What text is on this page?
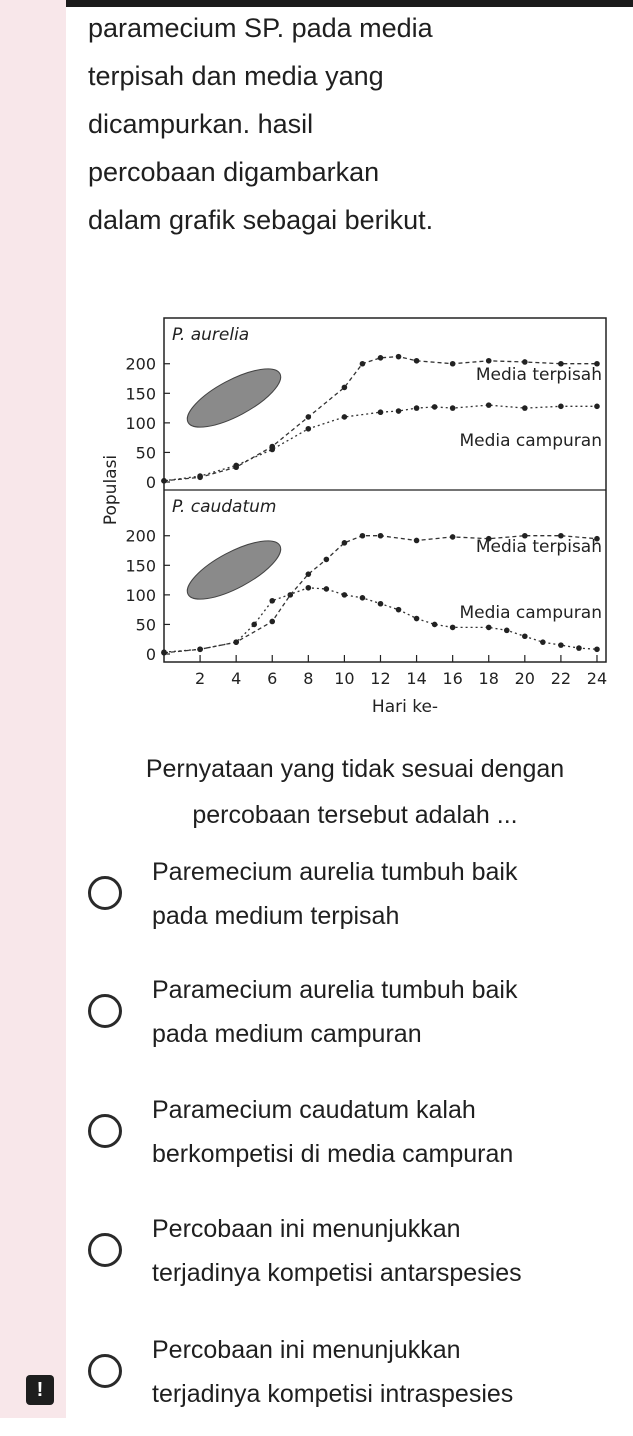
paramecium SP. pada media
terpisah dan media yang
dicampurkan. hasil
percobaan digambarkan
dalam grafik sebagai berikut.
P. aurelia
0
50
100
150
200
Media terpisah
Media campuran
P. caudatum
0
50
100
150
200
Media terpisah
Media campuran
2 4 6 8 10 12 14 16 18 20 22 24
Hari ke-
Populasi
Pernyataan yang tidak sesuai dengan percobaan tersebut adalah ...
Paremecium aurelia tumbuh baik
pada medium terpisah
Paramecium aurelia tumbuh baik
pada medium campuran
Paramecium caudatum kalah
berkompetisi di media campuran
Percobaan ini menunjukkan
terjadinya kompetisi antarspesies
Percobaan ini menunjukkan
terjadinya kompetisi intraspesies
!
